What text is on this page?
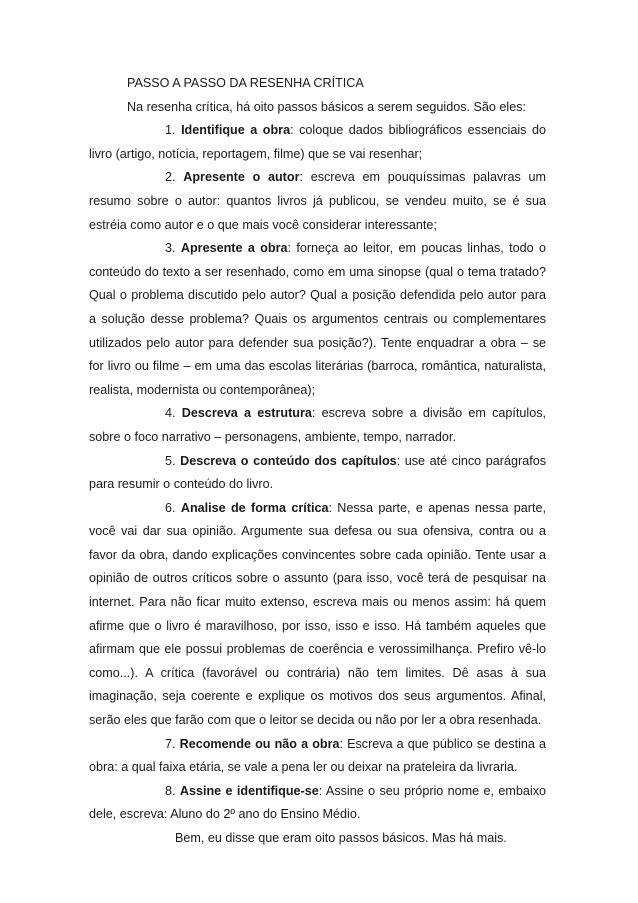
PASSO A PASSO DA RESENHA CRÍTICA

Na resenha crítica, há oito passos básicos a serem seguidos. São eles:

1. Identifique a obra: coloque dados bibliográficos essenciais do livro (artigo, notícia, reportagem, filme) que se vai resenhar;

2. Apresente o autor: escreva em pouquíssimas palavras um resumo sobre o autor: quantos livros já publicou, se vendeu muito, se é sua estréia como autor e o que mais você considerar interessante;

3. Apresente a obra: forneça ao leitor, em poucas linhas, todo o conteúdo do texto a ser resenhado, como em uma sinopse (qual o tema tratado? Qual o problema discutido pelo autor? Qual a posição defendida pelo autor para a solução desse problema? Quais os argumentos centrais ou complementares utilizados pelo autor para defender sua posição?). Tente enquadrar a obra – se for livro ou filme – em uma das escolas literárias (barroca, romântica, naturalista, realista, modernista ou contemporânea);

4. Descreva a estrutura: escreva sobre a divisão em capítulos, sobre o foco narrativo – personagens, ambiente, tempo, narrador.

5. Descreva o conteúdo dos capítulos: use até cinco parágrafos para resumir o conteúdo do livro.

6. Analise de forma crítica: Nessa parte, e apenas nessa parte, você vai dar sua opinião. Argumente sua defesa ou sua ofensiva, contra ou a favor da obra, dando explicações convincentes sobre cada opinião. Tente usar a opinião de outros críticos sobre o assunto (para isso, você terá de pesquisar na internet. Para não ficar muito extenso, escreva mais ou menos assim: há quem afirme que o livro é maravilhoso, por isso, isso e isso. Há também aqueles que afirmam que ele possui problemas de coerência e verossimilhança. Prefiro vê-lo como...). A crítica (favorável ou contrária) não tem limites. Dê asas à sua imaginação, seja coerente e explique os motivos dos seus argumentos. Afinal, serão eles que farão com que o leitor se decida ou não por ler a obra resenhada.

7. Recomende ou não a obra: Escreva a que público se destina a obra: a qual faixa etária, se vale a pena ler ou deixar na prateleira da livraria.

8. Assine e identifique-se: Assine o seu próprio nome e, embaixo dele, escreva: Aluno do 2º ano do Ensino Médio.

Bem, eu disse que eram oito passos básicos. Mas há mais.
